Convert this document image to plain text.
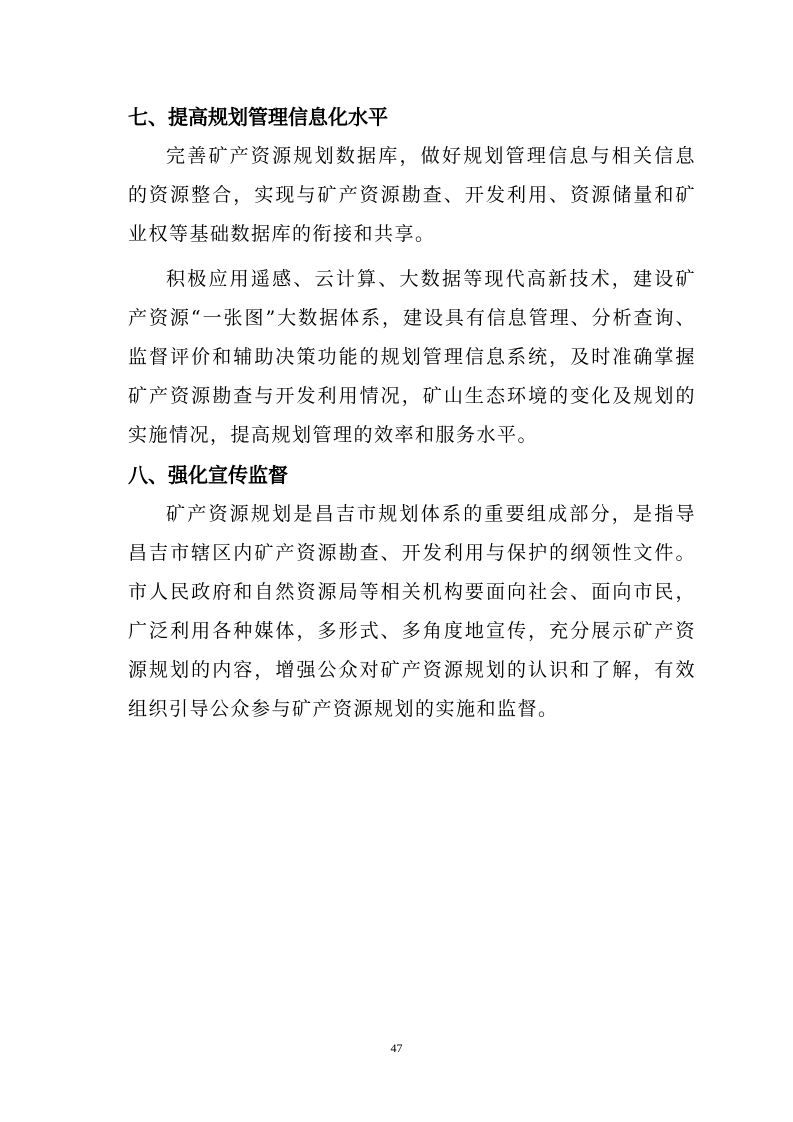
七、提高规划管理信息化水平

完善矿产资源规划数据库，做好规划管理信息与相关信息的资源整合，实现与矿产资源勘查、开发利用、资源储量和矿业权等基础数据库的衔接和共享。

积极应用遥感、云计算、大数据等现代高新技术，建设矿产资源“一张图”大数据体系，建设具有信息管理、分析查询、监督评价和辅助决策功能的规划管理信息系统，及时准确掌握矿产资源勘查与开发利用情况，矿山生态环境的变化及规划的实施情况，提高规划管理的效率和服务水平。

八、强化宣传监督

矿产资源规划是昌吉市规划体系的重要组成部分，是指导昌吉市辖区内矿产资源勘查、开发利用与保护的纲领性文件。市人民政府和自然资源局等相关机构要面向社会、面向市民，广泛利用各种媒体，多形式、多角度地宣传，充分展示矿产资源规划的内容，增强公众对矿产资源规划的认识和了解，有效组织引导公众参与矿产资源规划的实施和监督。

47
